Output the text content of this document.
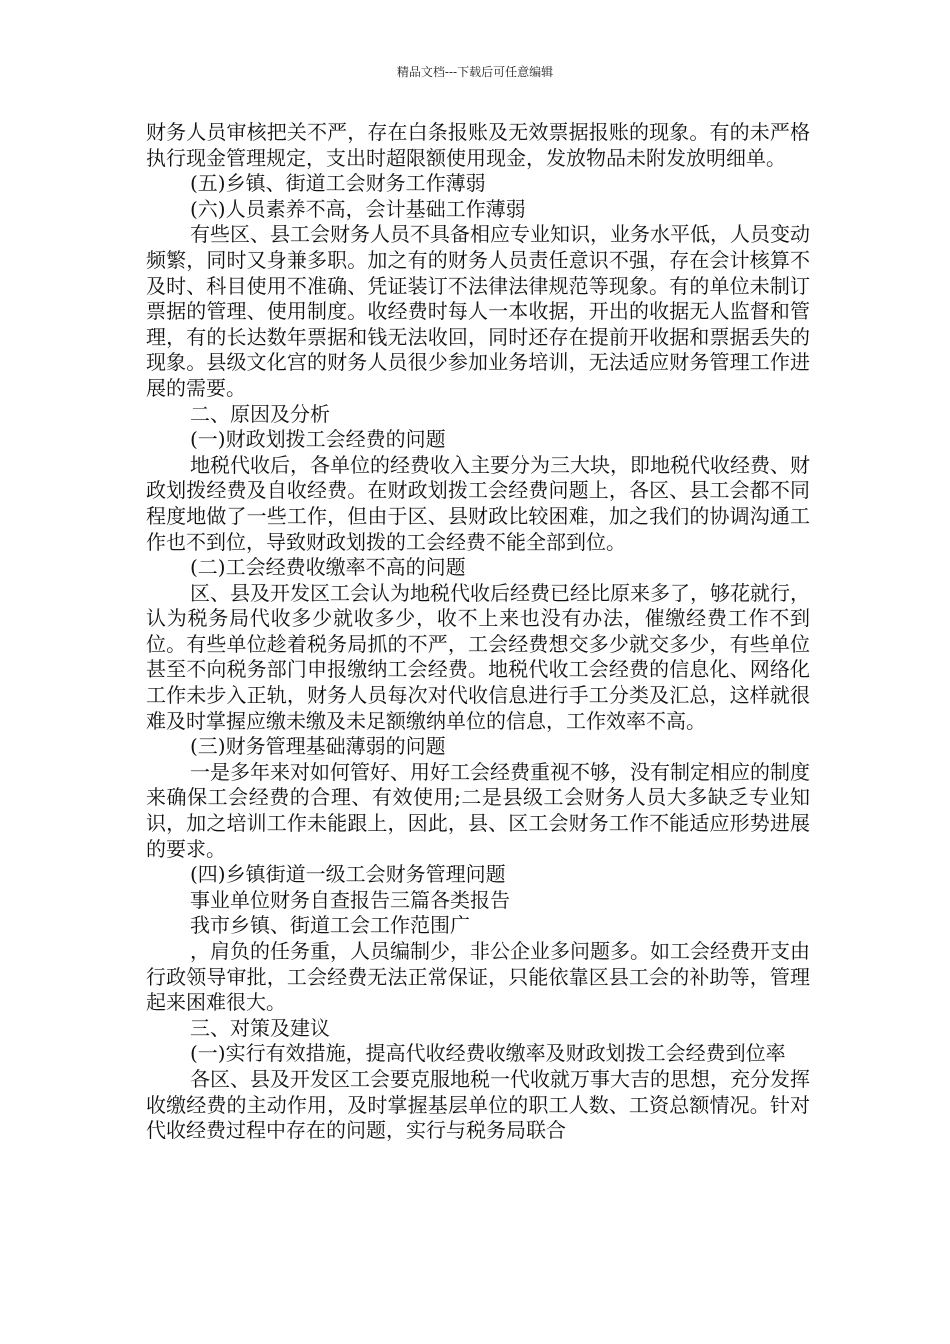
精品文档---下载后可任意编辑

财务人员审核把关不严，存在白条报账及无效票据报账的现象。有的未严格执行现金管理规定，支出时超限额使用现金，发放物品未附发放明细单。

(五)乡镇、街道工会财务工作薄弱

(六)人员素养不高，会计基础工作薄弱

有些区、县工会财务人员不具备相应专业知识，业务水平低，人员变动频繁，同时又身兼多职。加之有的财务人员责任意识不强，存在会计核算不及时、科目使用不准确、凭证装订不法律法律规范等现象。有的单位未制订票据的管理、使用制度。收经费时每人一本收据，开出的收据无人监督和管理，有的长达数年票据和钱无法收回，同时还存在提前开收据和票据丢失的现象。县级文化宫的财务人员很少参加业务培训，无法适应财务管理工作进展的需要。

二、原因及分析

(一)财政划拨工会经费的问题

地税代收后，各单位的经费收入主要分为三大块，即地税代收经费、财政划拨经费及自收经费。在财政划拨工会经费问题上，各区、县工会都不同程度地做了一些工作，但由于区、县财政比较困难，加之我们的协调沟通工作也不到位，导致财政划拨的工会经费不能全部到位。

(二)工会经费收缴率不高的问题

区、县及开发区工会认为地税代收后经费已经比原来多了，够花就行，认为税务局代收多少就收多少，收不上来也没有办法，催缴经费工作不到位。有些单位趁着税务局抓的不严，工会经费想交多少就交多少，有些单位甚至不向税务部门申报缴纳工会经费。地税代收工会经费的信息化、网络化工作未步入正轨，财务人员每次对代收信息进行手工分类及汇总，这样就很难及时掌握应缴未缴及未足额缴纳单位的信息，工作效率不高。

(三)财务管理基础薄弱的问题

一是多年来对如何管好、用好工会经费重视不够，没有制定相应的制度来确保工会经费的合理、有效使用;二是县级工会财务人员大多缺乏专业知识，加之培训工作未能跟上，因此，县、区工会财务工作不能适应形势进展的要求。

(四)乡镇街道一级工会财务管理问题

事业单位财务自查报告三篇各类报告

我市乡镇、街道工会工作范围广

，肩负的任务重，人员编制少，非公企业多问题多。如工会经费开支由行政领导审批，工会经费无法正常保证，只能依靠区县工会的补助等，管理起来困难很大。

三、对策及建议

(一)实行有效措施，提高代收经费收缴率及财政划拨工会经费到位率

各区、县及开发区工会要克服地税一代收就万事大吉的思想，充分发挥收缴经费的主动作用，及时掌握基层单位的职工人数、工资总额情况。针对代收经费过程中存在的问题，实行与税务局联合
